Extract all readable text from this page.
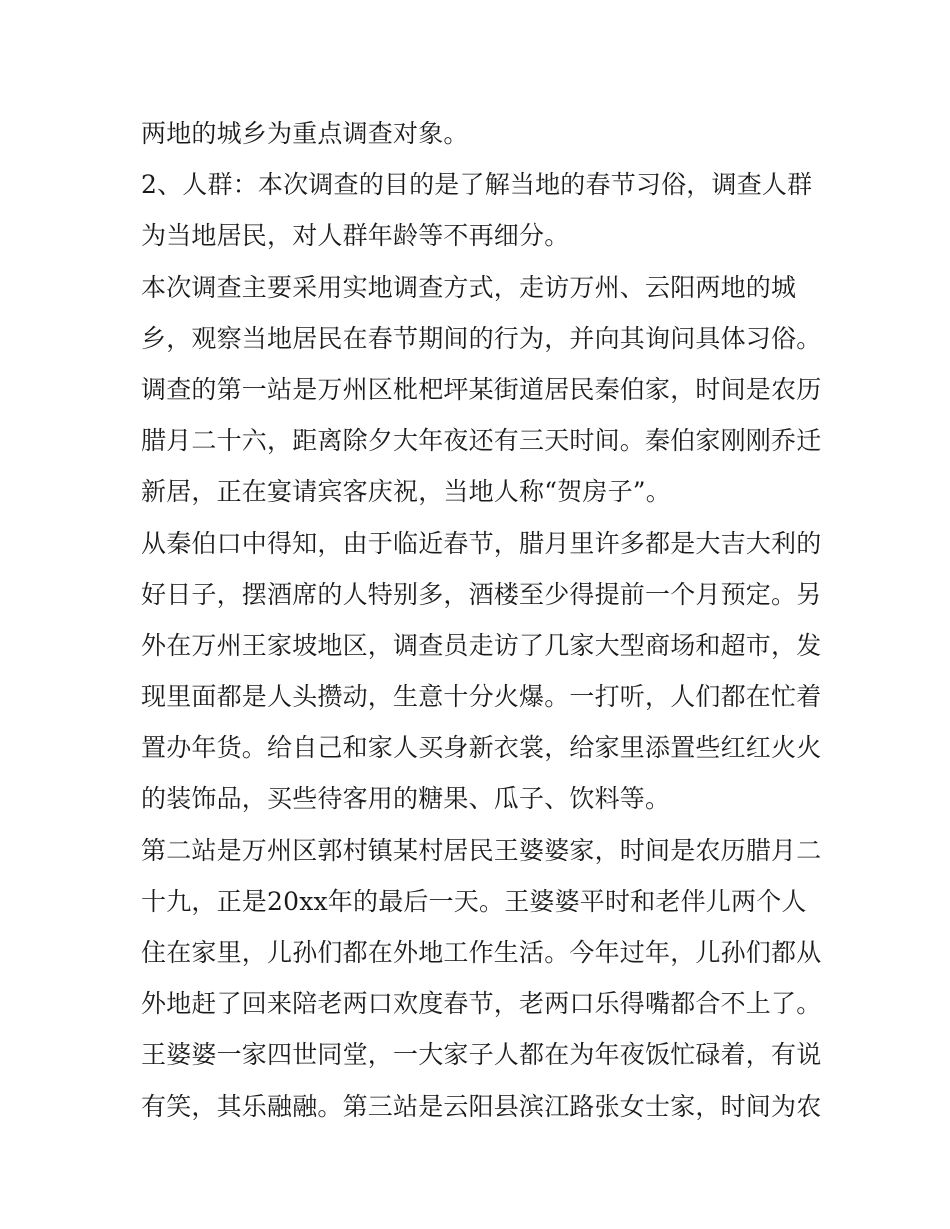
两地的城乡为重点调查对象。
2、人群：本次调查的目的是了解当地的春节习俗，调查人群
为当地居民，对人群年龄等不再细分。
本次调查主要采用实地调查方式，走访万州、云阳两地的城
乡，观察当地居民在春节期间的行为，并向其询问具体习俗。
调查的第一站是万州区枇杷坪某街道居民秦伯家，时间是农历
腊月二十六，距离除夕大年夜还有三天时间。秦伯家刚刚乔迁
新居，正在宴请宾客庆祝，当地人称“贺房子”。
从秦伯口中得知，由于临近春节，腊月里许多都是大吉大利的
好日子，摆酒席的人特别多，酒楼至少得提前一个月预定。另
外在万州王家坡地区，调查员走访了几家大型商场和超市，发
现里面都是人头攒动，生意十分火爆。一打听，人们都在忙着
置办年货。给自己和家人买身新衣裳，给家里添置些红红火火
的装饰品，买些待客用的糖果、瓜子、饮料等。
第二站是万州区郭村镇某村居民王婆婆家，时间是农历腊月二
十九，正是20xx年的最后一天。王婆婆平时和老伴儿两个人
住在家里，儿孙们都在外地工作生活。今年过年，儿孙们都从
外地赶了回来陪老两口欢度春节，老两口乐得嘴都合不上了。
王婆婆一家四世同堂，一大家子人都在为年夜饭忙碌着，有说
有笑，其乐融融。第三站是云阳县滨江路张女士家，时间为农
